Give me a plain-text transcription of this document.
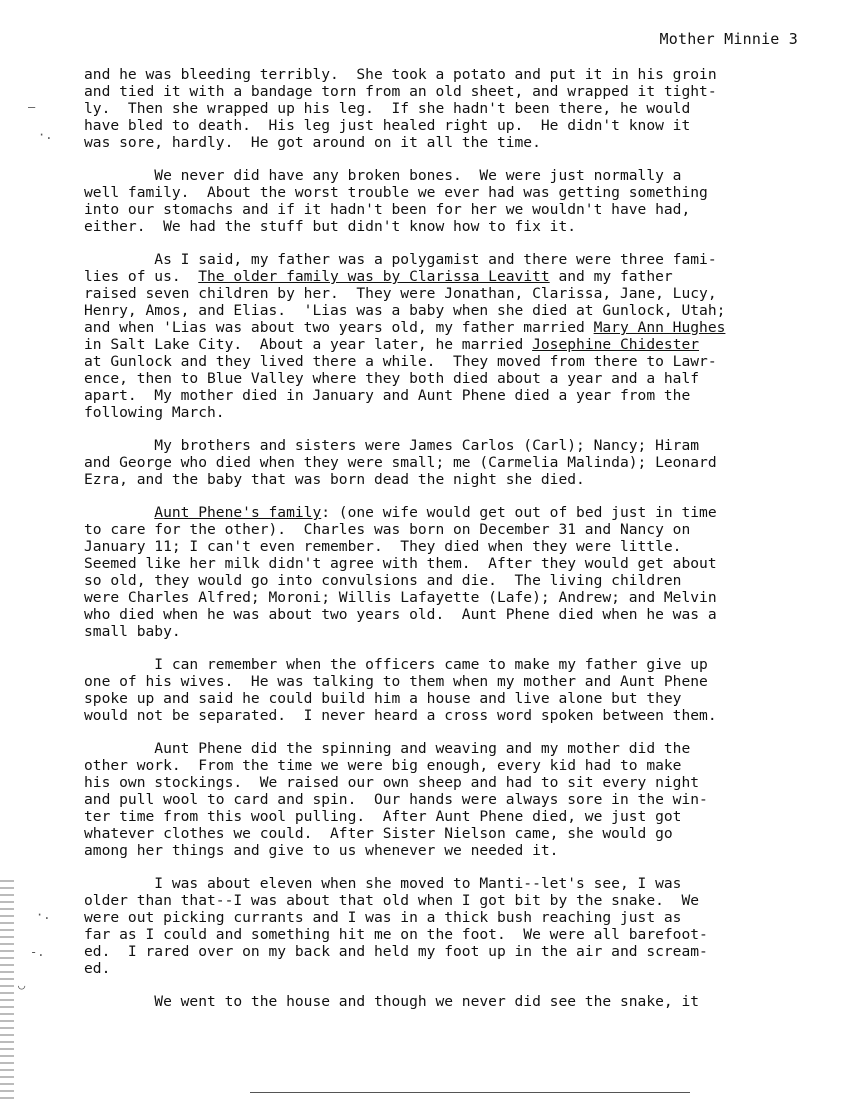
Mother Minnie 3
and he was bleeding terribly.  She took a potato and put it in his groin
and tied it with a bandage torn from an old sheet, and wrapped it tight-
ly.  Then she wrapped up his leg.  If she hadn't been there, he would
have bled to death.  His leg just healed right up.  He didn't know it
was sore, hardly.  He got around on it all the time.
We never did have any broken bones.  We were just normally a
well family.  About the worst trouble we ever had was getting something
into our stomachs and if it hadn't been for her we wouldn't have had,
either.  We had the stuff but didn't know how to fix it.
As I said, my father was a polygamist and there were three fami-
lies of us.  The older family was by Clarissa Leavitt and my father
raised seven children by her.  They were Jonathan, Clarissa, Jane, Lucy,
Henry, Amos, and Elias.  'Lias was a baby when she died at Gunlock, Utah;
and when 'Lias was about two years old, my father married Mary Ann Hughes
in Salt Lake City.  About a year later, he married Josephine Chidester
at Gunlock and they lived there a while.  They moved from there to Lawr-
ence, then to Blue Valley where they both died about a year and a half
apart.  My mother died in January and Aunt Phene died a year from the
following March.
My brothers and sisters were James Carlos (Carl); Nancy; Hiram
and George who died when they were small; me (Carmelia Malinda); Leonard
Ezra, and the baby that was born dead the night she died.
Aunt Phene's family: (one wife would get out of bed just in time
to care for the other).  Charles was born on December 31 and Nancy on
January 11; I can't even remember.  They died when they were little.
Seemed like her milk didn't agree with them.  After they would get about
so old, they would go into convulsions and die.  The living children
were Charles Alfred; Moroni; Willis Lafayette (Lafe); Andrew; and Melvin
who died when he was about two years old.  Aunt Phene died when he was a
small baby.
I can remember when the officers came to make my father give up
one of his wives.  He was talking to them when my mother and Aunt Phene
spoke up and said he could build him a house and live alone but they
would not be separated.  I never heard a cross word spoken between them.
Aunt Phene did the spinning and weaving and my mother did the
other work.  From the time we were big enough, every kid had to make
his own stockings.  We raised our own sheep and had to sit every night
and pull wool to card and spin.  Our hands were always sore in the win-
ter time from this wool pulling.  After Aunt Phene died, we just got
whatever clothes we could.  After Sister Nielson came, she would go
among her things and give to us whenever we needed it.
I was about eleven when she moved to Manti--let's see, I was
older than that--I was about that old when I got bit by the snake.  We
were out picking currants and I was in a thick bush reaching just as
far as I could and something hit me on the foot.  We were all barefoot-
ed.  I rared over on my back and held my foot up in the air and scream-
ed.
We went to the house and though we never did see the snake, it
—
·.
·.
-.
◡
